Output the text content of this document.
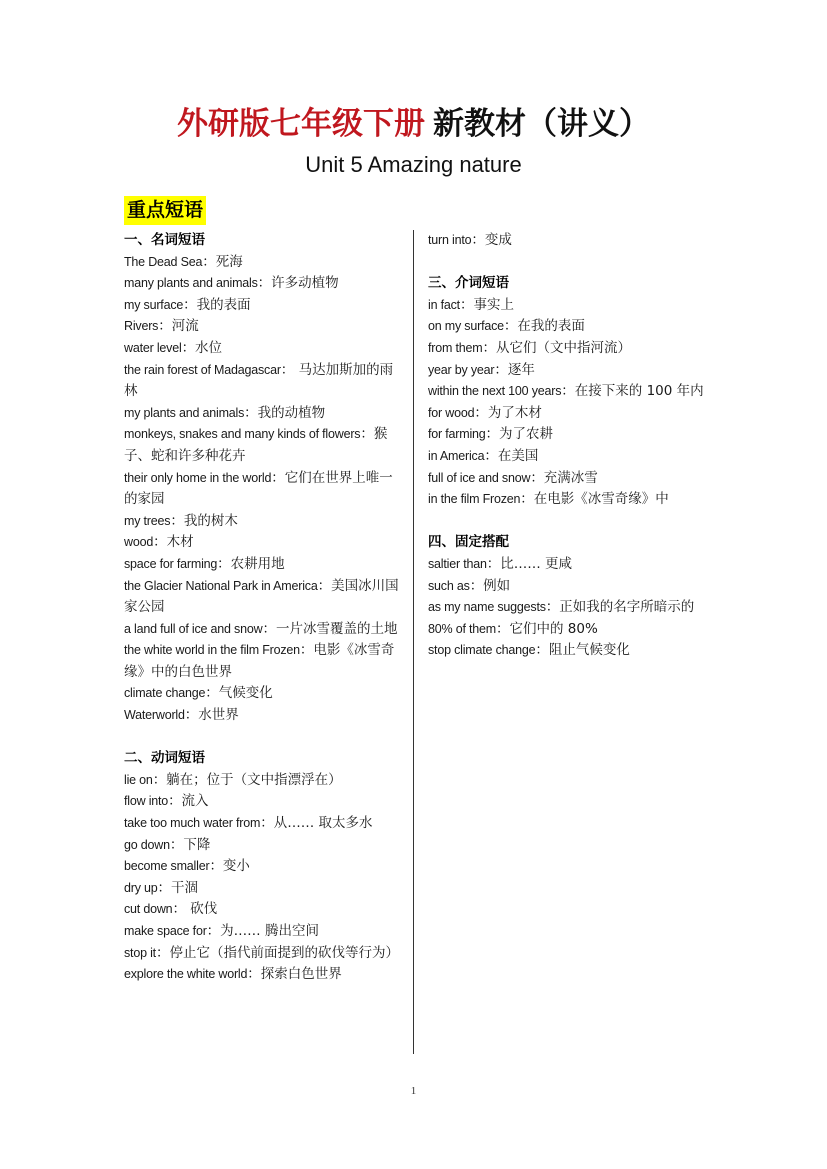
外研版七年级下册 新教材（讲义）
Unit 5 Amazing nature
重点短语

一、名词短语

The Dead Sea：死海

many plants and animals：许多动植物

my surface：我的表面

Rivers：河流

water level：水位

the rain forest of Madagascar： 马达加斯加的雨林

my plants and animals：我的动植物

monkeys, snakes and many kinds of flowers：猴子、蛇和许多种花卉

their only home in the world：它们在世界上唯一的家园

my trees：我的树木

wood：木材

space for farming：农耕用地

the Glacier National Park in America：美国冰川国家公园

a land full of ice and snow：一片冰雪覆盖的土地

the white world in the film Frozen：电影《冰雪奇缘》中的白色世界

climate change：气候变化

Waterworld：水世界

二、动词短语

lie on：躺在；位于（文中指漂浮在）

flow into：流入

take too much water from：从…… 取太多水

go down：下降

become smaller：变小

dry up：干涸

cut down： 砍伐

make space for：为…… 腾出空间

stop it：停止它（指代前面提到的砍伐等行为）

explore the white world：探索白色世界

turn into：变成

三、介词短语

in fact：事实上

on my surface：在我的表面

from them：从它们（文中指河流）

year by year：逐年

within the next 100 years：在接下来的 100 年内

for wood：为了木材

for farming：为了农耕

in America：在美国

full of ice and snow：充满冰雪

in the film Frozen：在电影《冰雪奇缘》中

四、固定搭配

saltier than：比…… 更咸

such as：例如

as my name suggests：正如我的名字所暗示的

80% of them：它们中的 80%

stop climate change：阻止气候变化

1
